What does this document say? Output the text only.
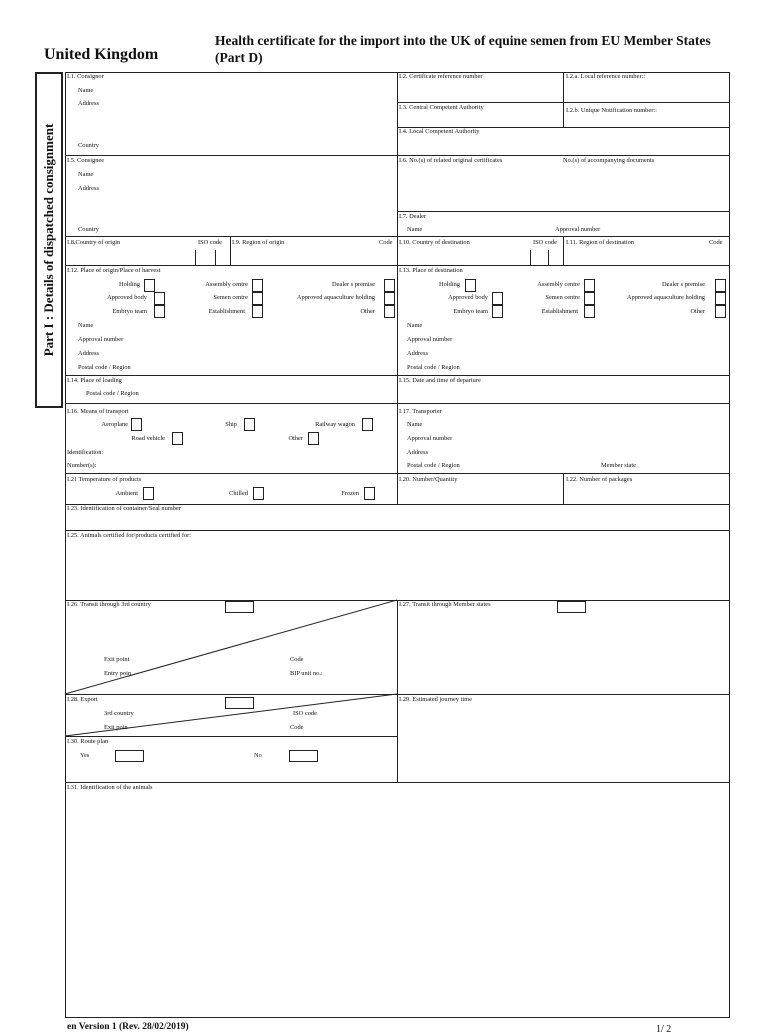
United Kingdom
Health certificate for the import into the UK of equine semen from EU Member States (Part D)
Part I : Details of dispatched consignment
I.1. Consignor
Name
Address
Country
I.2. Certificate reference number	I.2.a. Local reference number::
I.3. Central Competent Authority	I.2.b. Unique Notification number::
I.4. Local Competent Authority
I.5. Consignee
Name
Address
Country
I.6. No.(s) of related original certificates	No.(s) of accompanying documents
I.7. Dealer
Name	Approval number
I.8.Country of origin	ISO code I.9. Region of origin	Code I.10. Country of destination	ISO code I.11. Region of destination	Code
I.12. Place of origin/Place of harvest	I.13. Place of destination
Holding	Assembly centre	Dealer s premise
Approved body	Semen centre	Approved aquaculture holding
Embryo team	Establishment	Other
Name
Approval number
Address
Postal code / Region
Holding	Assembly centre	Dealer s premise
Approved body	Semen centre	Approved aquaculture holding
Embryo team	Establishment	Other
Name
Approval number
Address
Postal code / Region
I.14. Place of loading
Postal code / Region
I.15. Date and time of departure
I.16. Means of transport
Aeroplane	Ship	Railway wagon
Road vehicle	Other
Identification:
Number(s):
I.17. Transporter
Name
Approval number
Address
Postal code / Region	Member state
I.21 Temperature of products
Ambient	Chilled	Frozen
I.20. Number/Quantity	I.22. Number of packages
I.23. Identification of container/Seal number
I.25. Animals certified for/products certified for:
I.26. Transit through 3rd country
Exit point
Entry poin
Code
BIP unit no.:
I.27. Transit through Member states
I.28. Export
3rd country
Exit poin
ISO code
Code
I.29. Estimated journey time
I.30. Route plan
Yes	No
I.31. Identification of the animals
en Version 1 (Rev. 28/02/2019)	1/ 2
